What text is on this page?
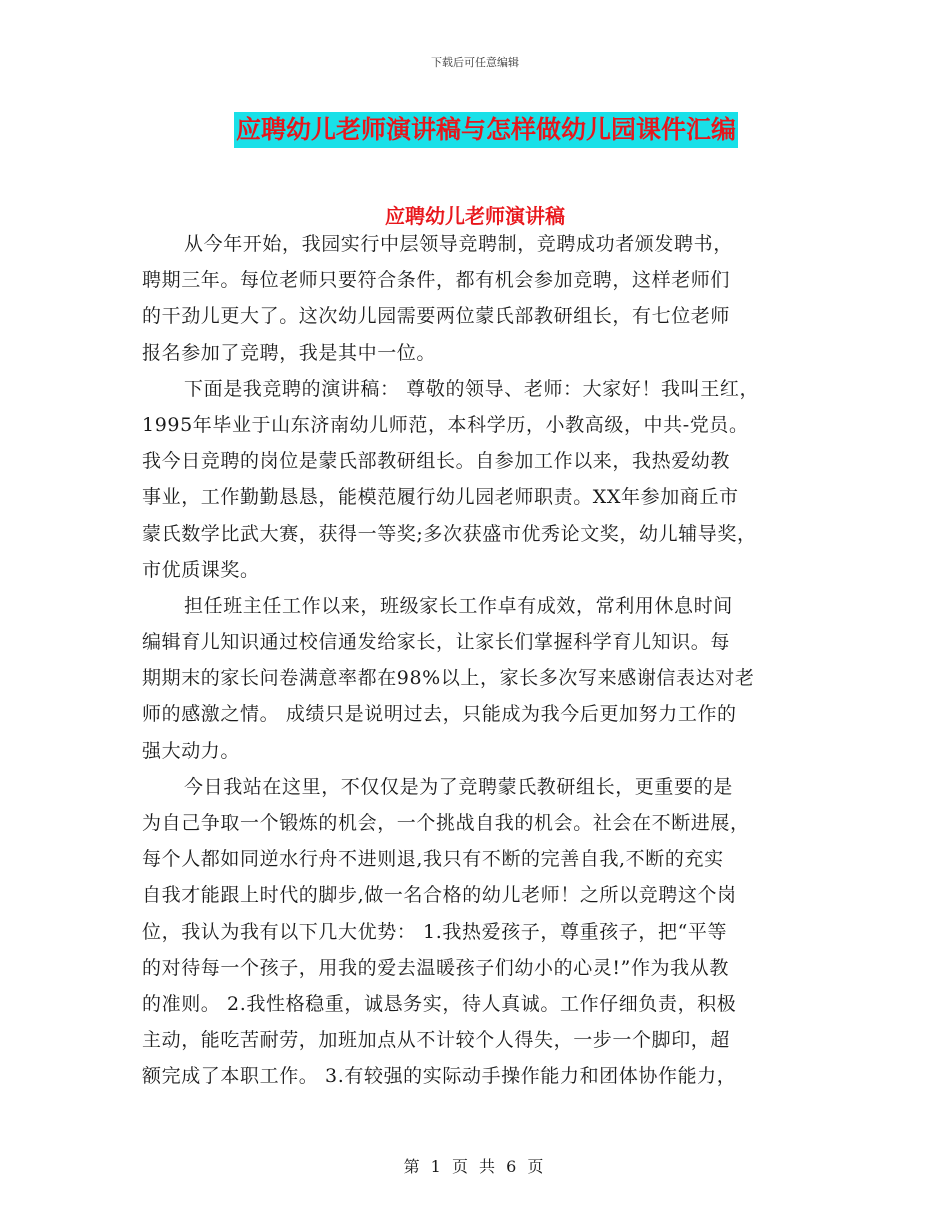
下载后可任意编辑
应聘幼儿老师演讲稿与怎样做幼儿园课件汇编
应聘幼儿老师演讲稿
从今年开始，我园实行中层领导竞聘制，竞聘成功者颁发聘书，
聘期三年。每位老师只要符合条件，都有机会参加竞聘，这样老师们
的干劲儿更大了。这次幼儿园需要两位蒙氏部教研组长，有七位老师
报名参加了竞聘，我是其中一位。
下面是我竞聘的演讲稿： 尊敬的领导、老师：大家好！我叫王红，
1995年毕业于山东济南幼儿师范，本科学历，小教高级，中共-党员。
我今日竞聘的岗位是蒙氏部教研组长。自参加工作以来，我热爱幼教
事业，工作勤勤恳恳，能模范履行幼儿园老师职责。XX年参加商丘市
蒙氏数学比武大赛，获得一等奖;多次获盛市优秀论文奖，幼儿辅导奖，
市优质课奖。
担任班主任工作以来，班级家长工作卓有成效，常利用休息时间
编辑育儿知识通过校信通发给家长，让家长们掌握科学育儿知识。每
期期末的家长问卷满意率都在98%以上，家长多次写来感谢信表达对老
师的感激之情。 成绩只是说明过去，只能成为我今后更加努力工作的
强大动力。
今日我站在这里，不仅仅是为了竞聘蒙氏教研组长，更重要的是
为自己争取一个锻炼的机会，一个挑战自我的机会。社会在不断进展，
每个人都如同逆水行舟不进则退,我只有不断的完善自我,不断的充实
自我才能跟上时代的脚步,做一名合格的幼儿老师！之所以竞聘这个岗
位，我认为我有以下几大优势： 1.我热爱孩子，尊重孩子，把“平等
的对待每一个孩子，用我的爱去温暖孩子们幼小的心灵!”作为我从教
的准则。 2.我性格稳重，诚恳务实，待人真诚。工作仔细负责，积极
主动，能吃苦耐劳，加班加点从不计较个人得失，一步一个脚印，超
额完成了本职工作。 3.有较强的实际动手操作能力和团体协作能力，
第 1 页 共 6 页
